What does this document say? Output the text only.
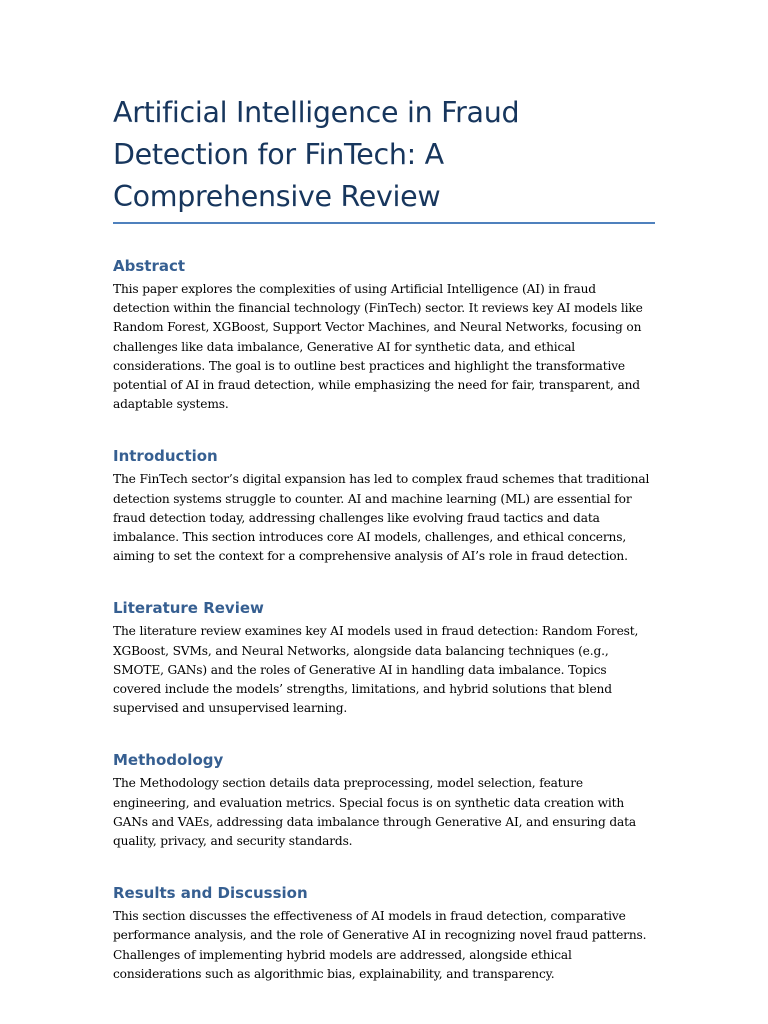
Artificial Intelligence in Fraud Detection for FinTech: A Comprehensive Review
Abstract

This paper explores the complexities of using Artificial Intelligence (AI) in fraud detection within the financial technology (FinTech) sector. It reviews key AI models like Random Forest, XGBoost, Support Vector Machines, and Neural Networks, focusing on challenges like data imbalance, Generative AI for synthetic data, and ethical considerations. The goal is to outline best practices and highlight the transformative potential of AI in fraud detection, while emphasizing the need for fair, transparent, and adaptable systems.

Introduction

The FinTech sector’s digital expansion has led to complex fraud schemes that traditional detection systems struggle to counter. AI and machine learning (ML) are essential for fraud detection today, addressing challenges like evolving fraud tactics and data imbalance. This section introduces core AI models, challenges, and ethical concerns, aiming to set the context for a comprehensive analysis of AI’s role in fraud detection.

Literature Review

The literature review examines key AI models used in fraud detection: Random Forest, XGBoost, SVMs, and Neural Networks, alongside data balancing techniques (e.g., SMOTE, GANs) and the roles of Generative AI in handling data imbalance. Topics covered include the models’ strengths, limitations, and hybrid solutions that blend supervised and unsupervised learning.

Methodology

The Methodology section details data preprocessing, model selection, feature engineering, and evaluation metrics. Special focus is on synthetic data creation with GANs and VAEs, addressing data imbalance through Generative AI, and ensuring data quality, privacy, and security standards.

Results and Discussion

This section discusses the effectiveness of AI models in fraud detection, comparative performance analysis, and the role of Generative AI in recognizing novel fraud patterns. Challenges of implementing hybrid models are addressed, alongside ethical considerations such as algorithmic bias, explainability, and transparency.
